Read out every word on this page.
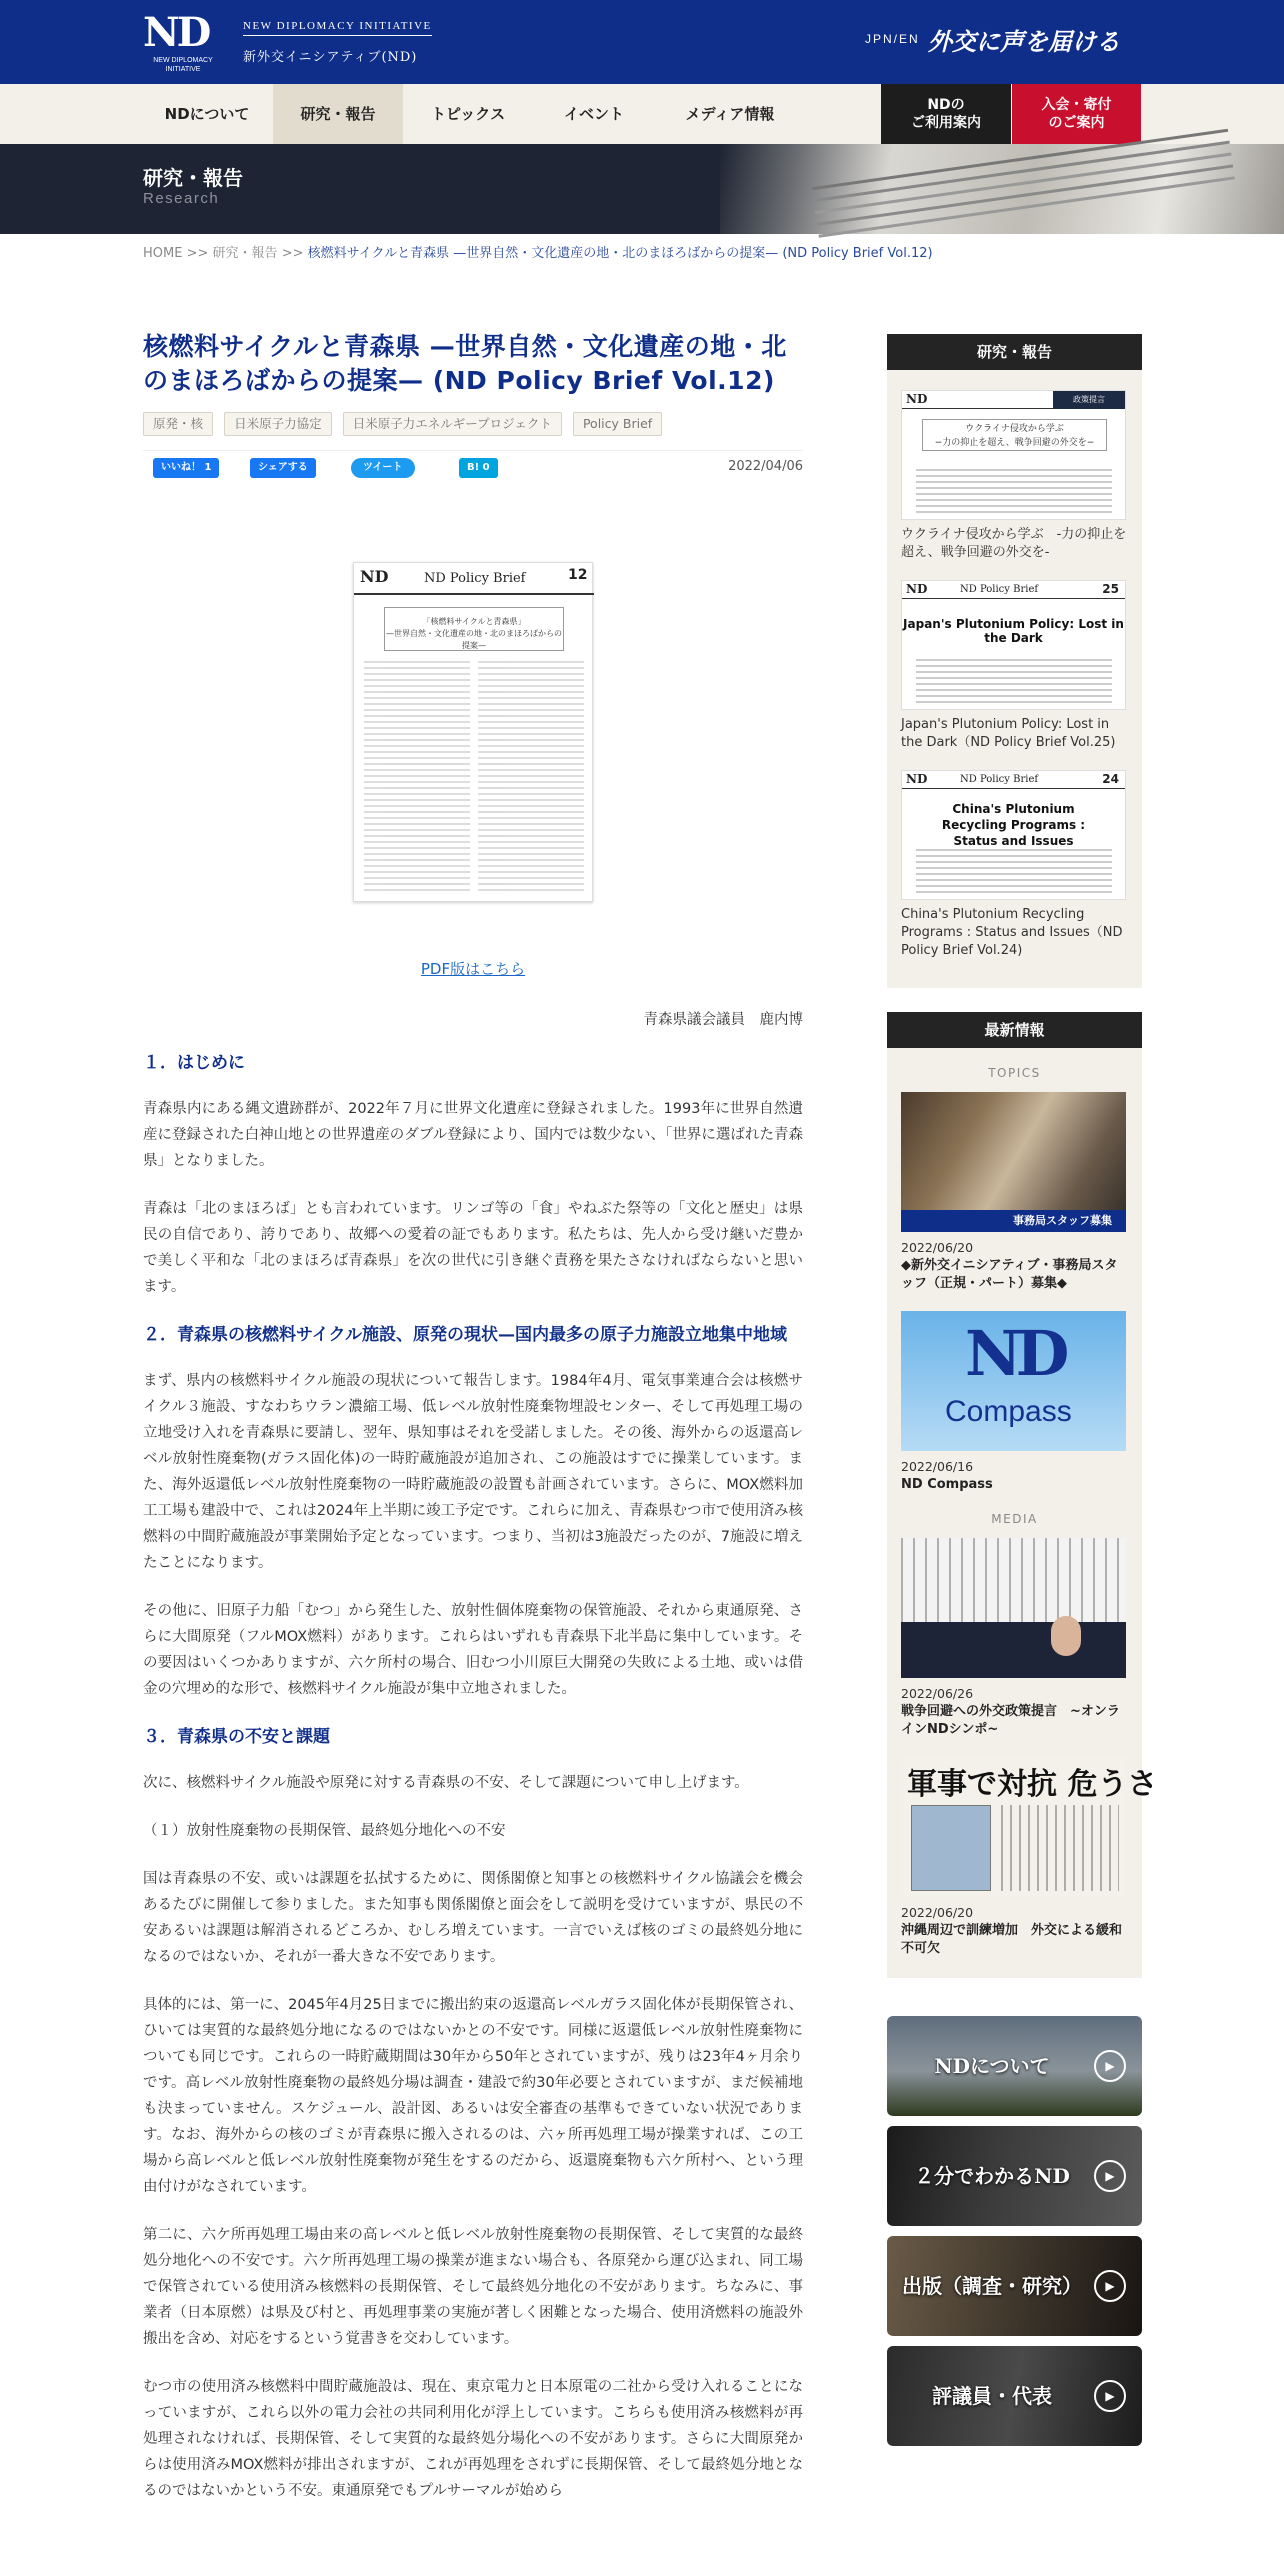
ND
NEW DIPLOMACY INITIATIVE
NEW DIPLOMACY INITIATIVE
新外交イニシアティブ(ND)
JPN/EN 外交に声を届ける
NDについて	研究・報告	トピックス	イベント	メディア情報	NDの
ご利用案内
入会・寄付
のご案内
研究・報告
Research
HOME >> 研究・報告 >> 核燃料サイクルと青森県 —世界自然・文化遺産の地・北のまほろばからの提案— (ND Policy Brief Vol.12)
核燃料サイクルと青森県 —世界自然・文化遺産の地・北のまほろばからの提案— (ND Policy Brief Vol.12)
原発・核 日米原子力協定 日米原子力エネルギープロジェクト Policy Brief
いいね！ 1	シェアする	ツイート	B! 0	2022/04/06
ND	ND Policy Brief	12
「核燃料サイクルと青森県」
—世界自然・文化遺産の地・北のまほろばからの提案—
PDF版はこちら
青森県議会議員　鹿内博
１．はじめに

青森県内にある縄文遺跡群が、2022年７月に世界文化遺産に登録されました。1993年に世界自然遺産に登録された白神山地との世界遺産のダブル登録により、国内では数少ない、「世界に選ばれた青森県」となりました。

青森は「北のまほろば」とも言われています。リンゴ等の「食」やねぶた祭等の「文化と歴史」は県民の自信であり、誇りであり、故郷への愛着の証でもあります。私たちは、先人から受け継いだ豊かで美しく平和な「北のまほろば青森県」を次の世代に引き継ぐ責務を果たさなければならないと思います。

２．青森県の核燃料サイクル施設、原発の現状—国内最多の原子力施設立地集中地域

まず、県内の核燃料サイクル施設の現状について報告します。1984年4月、電気事業連合会は核燃サイクル３施設、すなわちウラン濃縮工場、低レベル放射性廃棄物埋設センター、そして再処理工場の立地受け入れを青森県に要請し、翌年、県知事はそれを受諾しました。その後、海外からの返還高レベル放射性廃棄物(ガラス固化体)の一時貯蔵施設が追加され、この施設はすでに操業しています。また、海外返還低レベル放射性廃棄物の一時貯蔵施設の設置も計画されています。さらに、MOX燃料加工工場も建設中で、これは2024年上半期に竣工予定です。これらに加え、青森県むつ市で使用済み核燃料の中間貯蔵施設が事業開始予定となっています。つまり、当初は3施設だったのが、7施設に増えたことになります。

その他に、旧原子力船「むつ」から発生した、放射性個体廃棄物の保管施設、それから東通原発、さらに大間原発（フルMOX燃料）があります。これらはいずれも青森県下北半島に集中しています。その要因はいくつかありますが、六ケ所村の場合、旧むつ小川原巨大開発の失敗による土地、或いは借金の穴埋め的な形で、核燃料サイクル施設が集中立地されました。

３．青森県の不安と課題

次に、核燃料サイクル施設や原発に対する青森県の不安、そして課題について申し上げます。

（１）放射性廃棄物の長期保管、最終処分地化への不安

国は青森県の不安、或いは課題を払拭するために、関係閣僚と知事との核燃料サイクル協議会を機会あるたびに開催して参りました。また知事も関係閣僚と面会をして説明を受けていますが、県民の不安あるいは課題は解消されるどころか、むしろ増えています。一言でいえば核のゴミの最終処分地になるのではないか、それが一番大きな不安であります。

具体的には、第一に、2045年4月25日までに搬出約束の返還高レベルガラス固化体が長期保管され、ひいては実質的な最終処分地になるのではないかとの不安です。同様に返還低レベル放射性廃棄物についても同じです。これらの一時貯蔵期間は30年から50年とされていますが、残りは23年4ヶ月余りです。高レベル放射性廃棄物の最終処分場は調査・建設で約30年必要とされていますが、まだ候補地も決まっていません。スケジュール、設計図、あるいは安全審査の基準もできていない状況であります。なお、海外からの核のゴミが青森県に搬入されるのは、六ヶ所再処理工場が操業すれば、この工場から高レベルと低レベル放射性廃棄物が発生をするのだから、返還廃棄物も六ケ所村へ、という理由付けがなされています。

第二に、六ケ所再処理工場由来の高レベルと低レベル放射性廃棄物の長期保管、そして実質的な最終処分地化への不安です。六ケ所再処理工場の操業が進まない場合も、各原発から運び込まれ、同工場で保管されている使用済み核燃料の長期保管、そして最終処分地化の不安があります。ちなみに、事業者（日本原燃）は県及び村と、再処理事業の実施が著しく困難となった場合、使用済燃料の施設外搬出を含め、対応をするという覚書きを交わしています。

むつ市の使用済み核燃料中間貯蔵施設は、現在、東京電力と日本原電の二社から受け入れることになっていますが、これら以外の電力会社の共同利用化が浮上しています。こちらも使用済み核燃料が再処理されなければ、長期保管、そして実質的な最終処分場化への不安があります。さらに大間原発からは使用済みMOX燃料が排出されますが、これが再処理をされずに長期保管、そして最終処分地となるのではないかという不安。東通原発でもプルサーマルが始めら

研究・報告
ND	政策提言
ウクライナ侵攻から学ぶ
−力の抑止を超え、戦争回避の外交を−
ウクライナ侵攻から学ぶ　-力の抑止を超え、戦争回避の外交を-
ND	ND Policy Brief	25
Japan's Plutonium Policy: Lost in the Dark
Japan's Plutonium Policy: Lost in the Dark（ND Policy Brief Vol.25)
ND	ND Policy Brief	24
China's Plutonium Recycling Programs : Status and Issues
China's Plutonium Recycling Programs : Status and Issues（ND Policy Brief Vol.24)
最新情報
TOPICS
事務局スタッフ募集
2022/06/20
◆新外交イニシアティブ・事務局スタッフ（正規・パート）募集◆
ND
Compass
2022/06/16
ND Compass
MEDIA
2022/06/26
戦争回避への外交政策提言　~オンラインNDシンポ~
軍事で対抗 危うさ
2022/06/20
沖縄周辺で訓練増加　外交による緩和不可欠
NDについて	▶
２分でわかるND	▶
出版（調査・研究）	▶
評議員・代表	▶
